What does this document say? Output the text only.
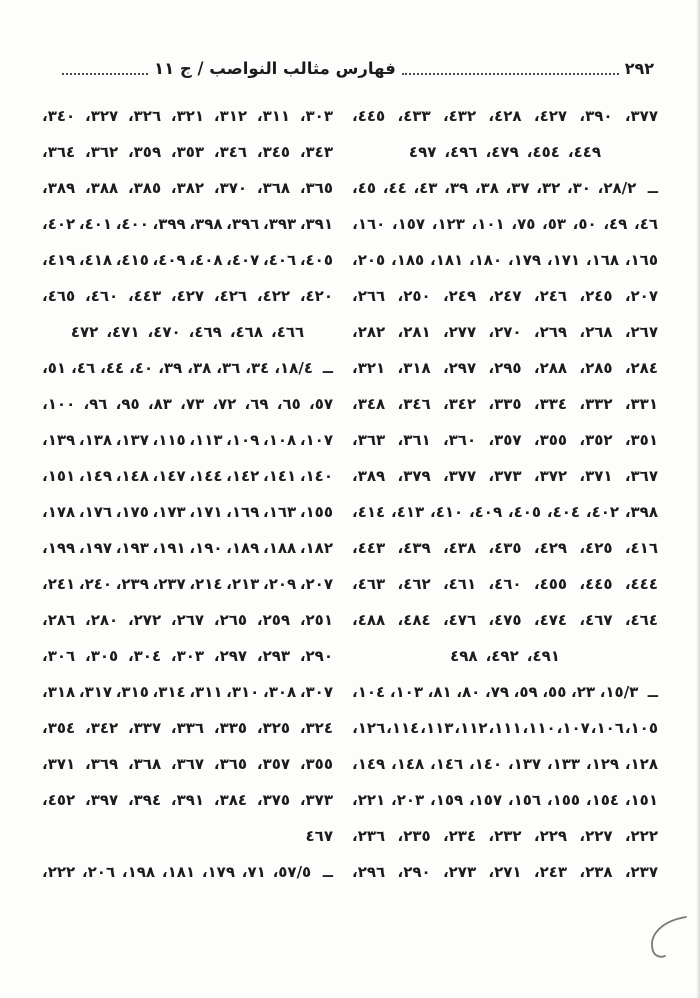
٢٩٢
فهارس مثالب النواصب / ج ١١
٣٧٧،
٣٩٠،
٤٢٧،
٤٢٨،
٤٣٢،
٤٣٣،
٤٤٥،
٤٤٩،
٤٥٤،
٤٧٩،
٤٩٦،
٤٩٧
ــ
٢٨/٢،
٣٠،
٣٢،
٣٧،
٣٨،
٣٩،
٤٣،
٤٤،
٤٥،
٤٦،
٤٩،
٥٠،
٥٣،
٧٥،
١٠١،
١٢٣،
١٥٧،
١٦٠،
١٦٥،
١٦٨،
١٧١،
١٧٩،
١٨٠،
١٨١،
١٨٥،
٢٠٥،
٢٠٧،
٢٤٥،
٢٤٦،
٢٤٧،
٢٤٩،
٢٥٠،
٢٦٦،
٢٦٧،
٢٦٨،
٢٦٩،
٢٧٠،
٢٧٧،
٢٨١،
٢٨٢،
٢٨٤،
٢٨٥،
٢٨٨،
٢٩٥،
٢٩٧،
٣١٨،
٣٢١،
٣٣١،
٣٣٢،
٣٣٤،
٣٣٥،
٣٤٢،
٣٤٦،
٣٤٨،
٣٥١،
٣٥٢،
٣٥٥،
٣٥٧،
٣٦٠،
٣٦١،
٣٦٣،
٣٦٧،
٣٧١،
٣٧٢،
٣٧٣،
٣٧٧،
٣٧٩،
٣٨٩،
٣٩٨،
٤٠٢،
٤٠٤،
٤٠٥،
٤٠٩،
٤١٠،
٤١٣،
٤١٤،
٤١٦،
٤٢٥،
٤٢٩،
٤٣٥،
٤٣٨،
٤٣٩،
٤٤٣،
٤٤٤،
٤٤٥،
٤٥٥،
٤٦٠،
٤٦١،
٤٦٢،
٤٦٣،
٤٦٤،
٤٦٧،
٤٧٤،
٤٧٥،
٤٧٦،
٤٨٤،
٤٨٨،
٤٩١،
٤٩٢،
٤٩٨
ــ
١٥/٣،
٢٣،
٥٥،
٥٩،
٧٩،
٨٠،
٨١،
١٠٣،
١٠٤،
١٠٥،
١٠٦،
١٠٧،
١١٠،
١١١،
١١٢،
١١٣،
١١٤،
١٢٦،
١٢٨،
١٢٩،
١٣٣،
١٣٧،
١٤٠،
١٤٦،
١٤٨،
١٤٩،
١٥١،
١٥٤،
١٥٥،
١٥٦،
١٥٧،
١٥٩،
٢٠٣،
٢٢١،
٢٢٢،
٢٢٧،
٢٢٩،
٢٣٢،
٢٣٤،
٢٣٥،
٢٣٦،
٢٣٧،
٢٣٨،
٢٤٣،
٢٧١،
٢٧٣،
٢٩٠،
٢٩٦،
٣٠٣،
٣١١،
٣١٢،
٣٢١،
٣٢٦،
٣٢٧،
٣٤٠،
٣٤٣،
٣٤٥،
٣٤٦،
٣٥٣،
٣٥٩،
٣٦٢،
٣٦٤،
٣٦٥،
٣٦٨،
٣٧٠،
٣٨٢،
٣٨٥،
٣٨٨،
٣٨٩،
٣٩١،
٣٩٣،
٣٩٦،
٣٩٨،
٣٩٩،
٤٠٠،
٤٠١،
٤٠٢،
٤٠٥،
٤٠٦،
٤٠٧،
٤٠٨،
٤٠٩،
٤١٥،
٤١٨،
٤١٩،
٤٢٠،
٤٢٢،
٤٢٦،
٤٢٧،
٤٤٣،
٤٦٠،
٤٦٥،
٤٦٦،
٤٦٨،
٤٦٩،
٤٧٠،
٤٧١،
٤٧٢
ــ
١٨/٤،
٣٤،
٣٦،
٣٨،
٣٩،
٤٠،
٤٤،
٤٦،
٥١،
٥٧،
٦٥،
٦٩،
٧٢،
٧٣،
٨٣،
٩٥،
٩٦،
١٠٠،
١٠٧،
١٠٨،
١٠٩،
١١٣،
١١٥،
١٣٧،
١٣٨،
١٣٩،
١٤٠،
١٤١،
١٤٢،
١٤٤،
١٤٧،
١٤٨،
١٤٩،
١٥١،
١٥٥،
١٦٣،
١٦٩،
١٧١،
١٧٣،
١٧٥،
١٧٦،
١٧٨،
١٨٢،
١٨٨،
١٨٩،
١٩٠،
١٩١،
١٩٣،
١٩٧،
١٩٩،
٢٠٧،
٢٠٩،
٢١٣،
٢١٤،
٢٣٧،
٢٣٩،
٢٤٠،
٢٤١،
٢٥١،
٢٥٩،
٢٦٥،
٢٦٧،
٢٧٢،
٢٨٠،
٢٨٦،
٢٩٠،
٢٩٣،
٢٩٧،
٣٠٣،
٣٠٤،
٣٠٥،
٣٠٦،
٣٠٧،
٣٠٨،
٣١٠،
٣١١،
٣١٤،
٣١٥،
٣١٧،
٣١٨،
٣٢٤،
٣٢٥،
٣٣٥،
٣٣٦،
٣٣٧،
٣٤٢،
٣٥٤،
٣٥٥،
٣٥٧،
٣٦٥،
٣٦٧،
٣٦٨،
٣٦٩،
٣٧١،
٣٧٣،
٣٧٥،
٣٨٤،
٣٩١،
٣٩٤،
٣٩٧،
٤٥٢،
٤٦٧
ــ
٥٧/٥،
٧١،
١٧٩،
١٨١،
١٩٨،
٢٠٦،
٢٢٢،
